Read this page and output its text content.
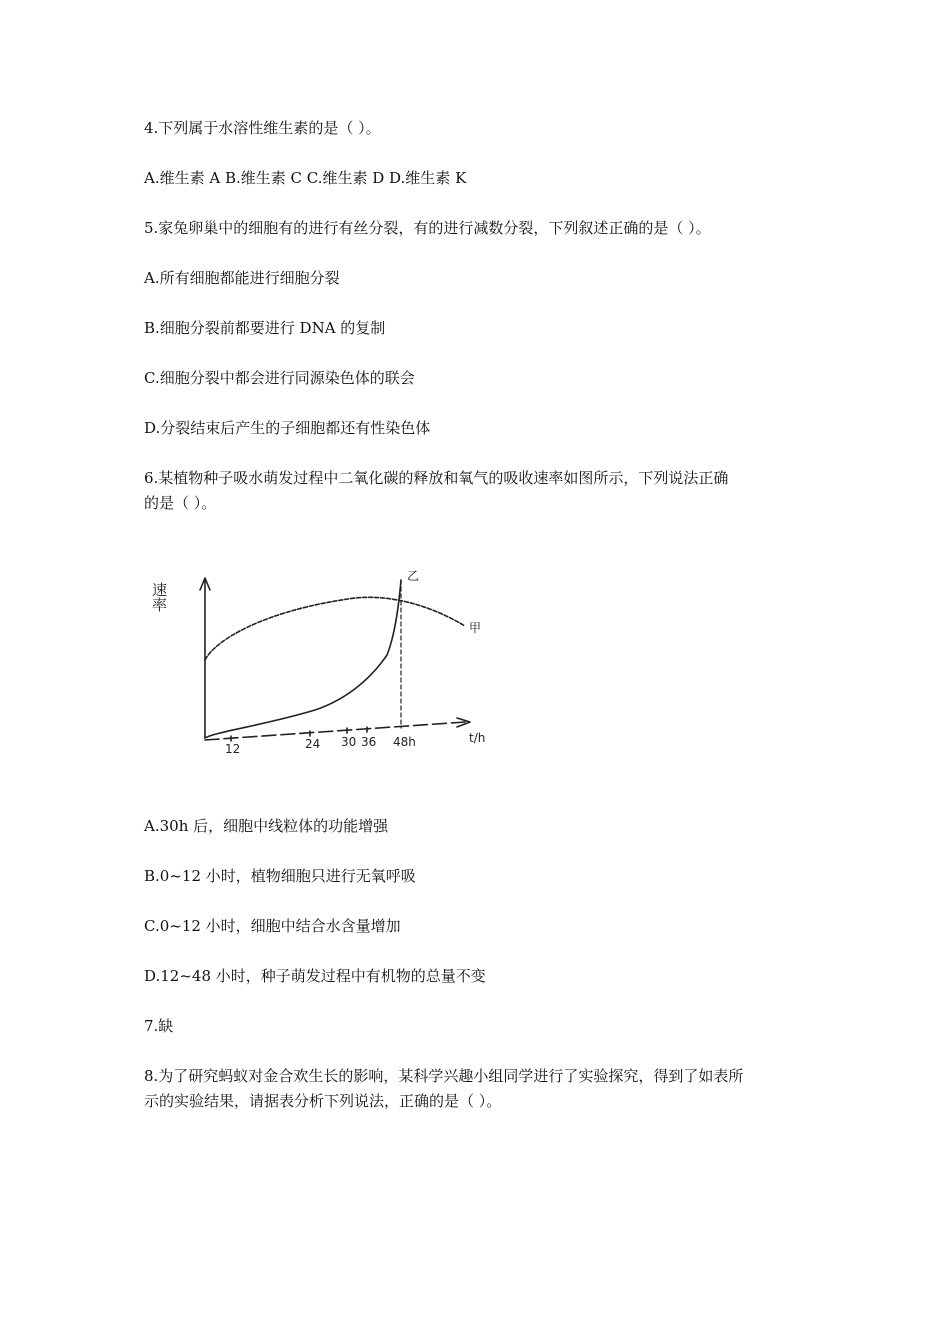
4.下列属于水溶性维生素的是（ ）。
A.维生素 A B.维生素 C C.维生素 D D.维生素 K
5.家兔卵巢中的细胞有的进行有丝分裂，有的进行减数分裂，下列叙述正确的是（ ）。
A.所有细胞都能进行细胞分裂
B.细胞分裂前都要进行 DNA 的复制
C.细胞分裂中都会进行同源染色体的联会
D.分裂结束后产生的子细胞都还有性染色体
6.某植物种子吸水萌发过程中二氧化碳的释放和氧气的吸收速率如图所示，下列说法正确
的是（ ）。
速率
12	24 30 36 48h	t/h
甲
乙
A.30h 后，细胞中线粒体的功能增强
B.0~12 小时，植物细胞只进行无氧呼吸
C.0~12 小时，细胞中结合水含量增加
D.12~48 小时，种子萌发过程中有机物的总量不变
7.缺
8.为了研究蚂蚁对金合欢生长的影响，某科学兴趣小组同学进行了实验探究，得到了如表所
示的实验结果，请据表分析下列说法，正确的是（ ）。
